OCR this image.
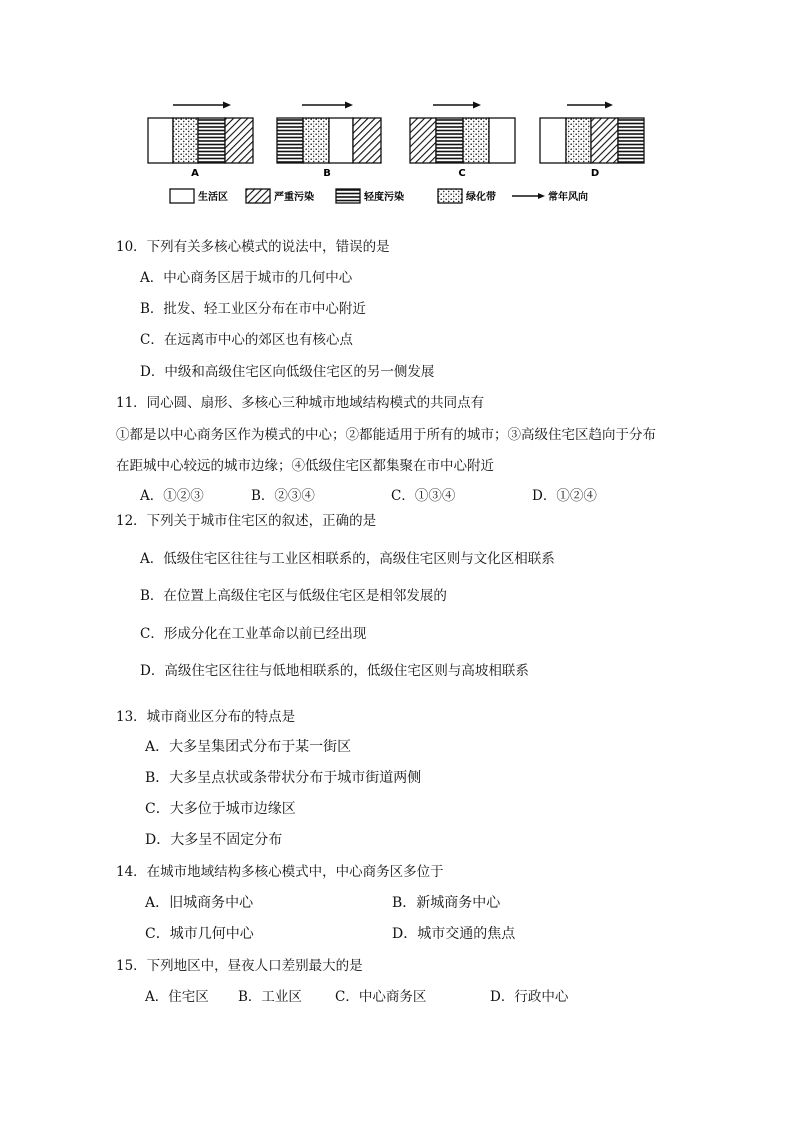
A	B	C	D
生活区	严重污染	轻度污染	绿化带	常年风向
10．下列有关多核心模式的说法中，错误的是
A．中心商务区居于城市的几何中心
B．批发、轻工业区分布在市中心附近
C．在远离市中心的郊区也有核心点
D．中级和高级住宅区向低级住宅区的另一侧发展
11．同心圆、扇形、多核心三种城市地域结构模式的共同点有
①都是以中心商务区作为模式的中心；②都能适用于所有的城市；③高级住宅区趋向于分布
在距城中心较远的城市边缘；④低级住宅区都集聚在市中心附近
A．①②③	B．②③④	C．①③④	D．①②④
12．下列关于城市住宅区的叙述，正确的是
A．低级住宅区往往与工业区相联系的，高级住宅区则与文化区相联系
B．在位置上高级住宅区与低级住宅区是相邻发展的
C．形成分化在工业革命以前已经出现
D．高级住宅区往往与低地相联系的，低级住宅区则与高坡相联系
13．城市商业区分布的特点是
A．大多呈集团式分布于某一街区
B．大多呈点状或条带状分布于城市街道两侧
C．大多位于城市边缘区
D．大多呈不固定分布
14．在城市地域结构多核心模式中，中心商务区多位于
A．旧城商务中心	B．新城商务中心
C．城市几何中心	D．城市交通的焦点
15．下列地区中，昼夜人口差别最大的是
A．住宅区 B．工业区 C．中心商务区	D．行政中心
